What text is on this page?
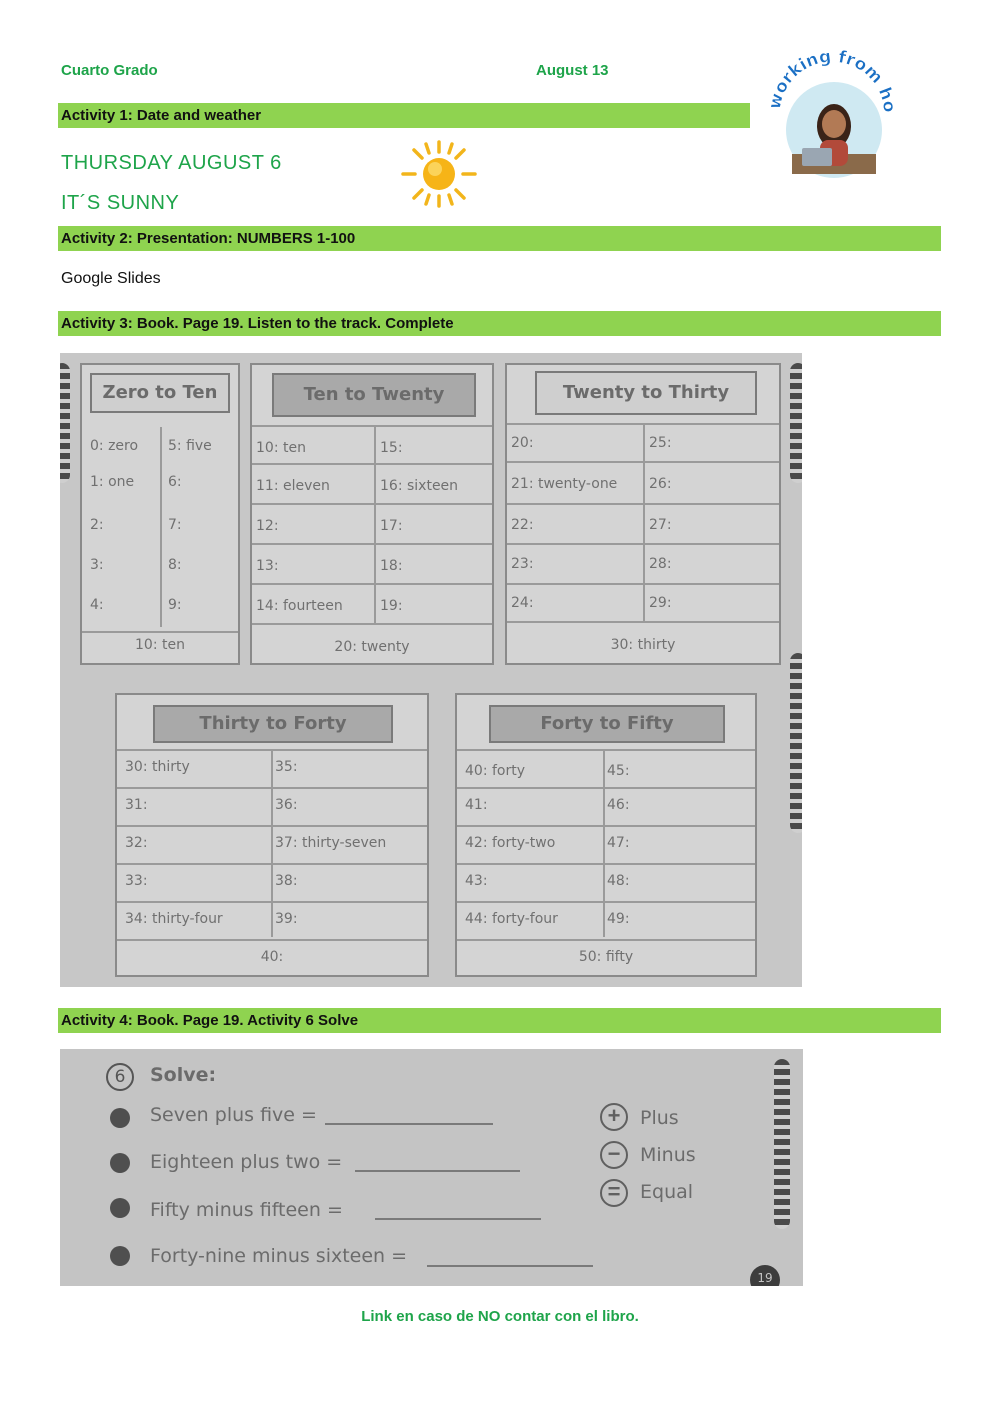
Cuarto Grado	August 13
working from ho
Activity 1: Date and weather
THURSDAY AUGUST 6
IT´S SUNNY
Activity 2: Presentation: NUMBERS 1-100
Google Slides
Activity 3: Book. Page 19. Listen to the track. Complete
Zero to Ten
0: zero 5: five
1: one 6:
2:	7:
3:	8:
4:	9:
10: ten
Ten to Twenty
10: ten	15:
11: eleven	16: sixteen
12:	17:
13:	18:
14: fourteen	19:
20: twenty
Twenty to Thirty
20:	25:
21: twenty-one 26:
22:	27:
23:	28:
24:	29:
30: thirty
Thirty to Forty
30: thirty	35:
31:	36:
32:	37: thirty-seven
33:	38:
34: thirty-four	39:
40:
Forty to Fifty
40: forty	45:
41:	46:
42: forty-two	47:
43:	48:
44: forty-four	49:
50: fifty
Activity 4: Book. Page 19. Activity 6 Solve
6	Solve:
Seven plus five =
Eighteen plus two =
Fifty minus fifteen =
Forty-nine minus sixteen =
+	Plus
−	Minus
=	Equal
19
Link en caso de NO contar con el libro.
